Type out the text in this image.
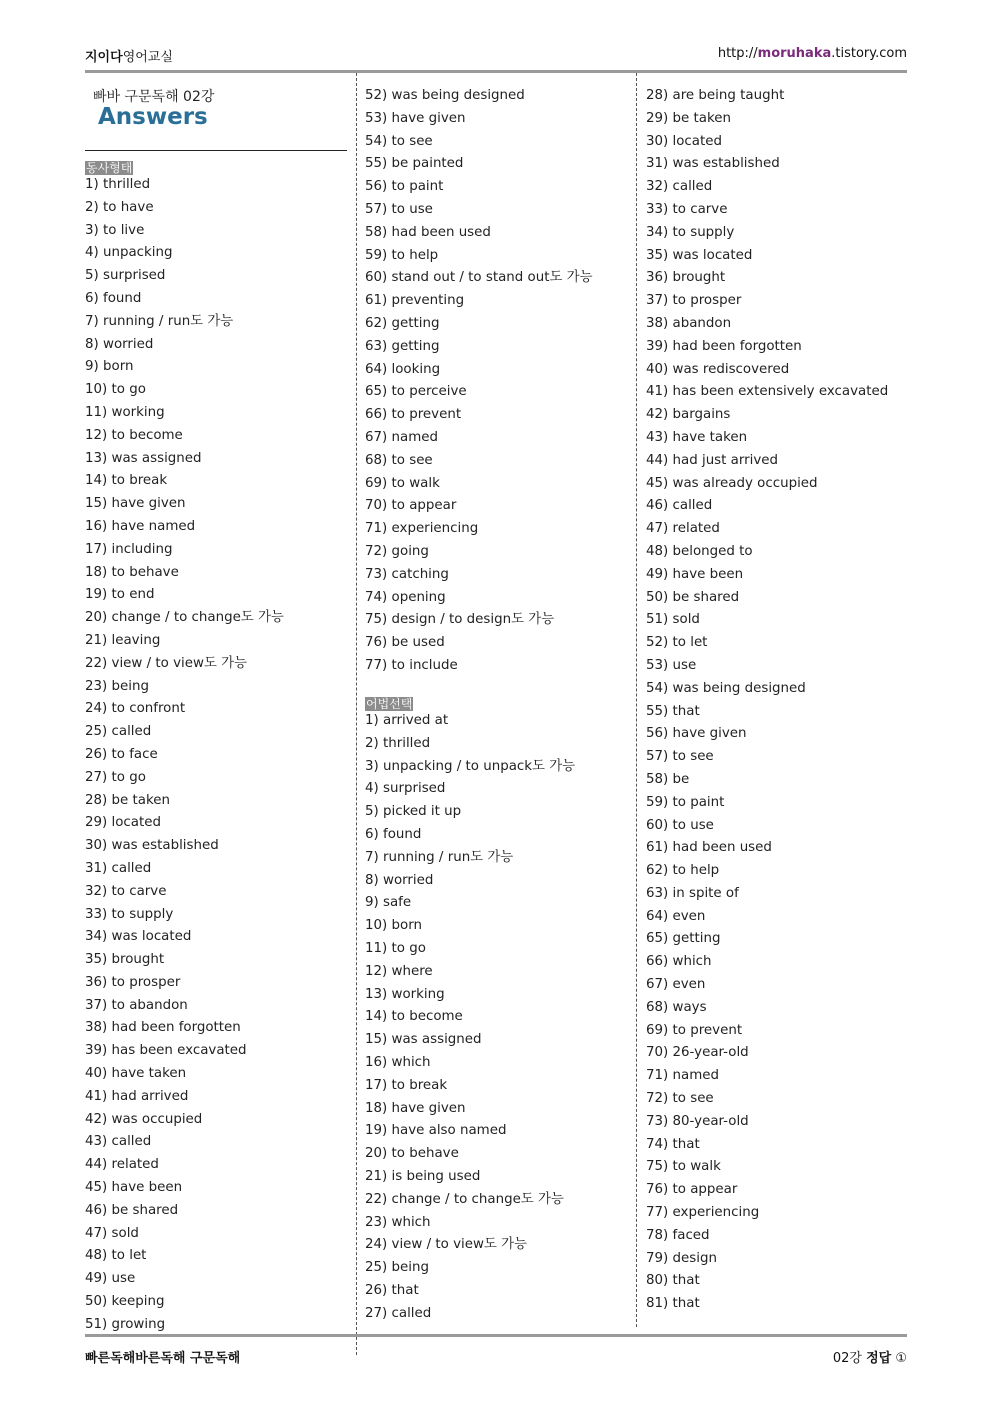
지이다영어교실	http://moruhaka.tistory.com
빠바 구문독해 02강
Answers
동사형태
1) thrilled
2) to have
3) to live
4) unpacking
5) surprised
6) found
7) running / run도 가능
8) worried
9) born
10) to go
11) working
12) to become
13) was assigned
14) to break
15) have given
16) have named
17) including
18) to behave
19) to end
20) change / to change도 가능
21) leaving
22) view / to view도 가능
23) being
24) to confront
25) called
26) to face
27) to go
28) be taken
29) located
30) was established
31) called
32) to carve
33) to supply
34) was located
35) brought
36) to prosper
37) to abandon
38) had been forgotten
39) has been excavated
40) have taken
41) had arrived
42) was occupied
43) called
44) related
45) have been
46) be shared
47) sold
48) to let
49) use
50) keeping
51) growing
52) was being designed
53) have given
54) to see
55) be painted
56) to paint
57) to use
58) had been used
59) to help
60) stand out / to stand out도 가능
61) preventing
62) getting
63) getting
64) looking
65) to perceive
66) to prevent
67) named
68) to see
69) to walk
70) to appear
71) experiencing
72) going
73) catching
74) opening
75) design / to design도 가능
76) be used
77) to include
어법선택
1) arrived at
2) thrilled
3) unpacking / to unpack도 가능
4) surprised
5) picked it up
6) found
7) running / run도 가능
8) worried
9) safe
10) born
11) to go
12) where
13) working
14) to become
15) was assigned
16) which
17) to break
18) have given
19) have also named
20) to behave
21) is being used
22) change / to change도 가능
23) which
24) view / to view도 가능
25) being
26) that
27) called
28) are being taught
29) be taken
30) located
31) was established
32) called
33) to carve
34) to supply
35) was located
36) brought
37) to prosper
38) abandon
39) had been forgotten
40) was rediscovered
41) has been extensively excavated
42) bargains
43) have taken
44) had just arrived
45) was already occupied
46) called
47) related
48) belonged to
49) have been
50) be shared
51) sold
52) to let
53) use
54) was being designed
55) that
56) have given
57) to see
58) be
59) to paint
60) to use
61) had been used
62) to help
63) in spite of
64) even
65) getting
66) which
67) even
68) ways
69) to prevent
70) 26-year-old
71) named
72) to see
73) 80-year-old
74) that
75) to walk
76) to appear
77) experiencing
78) faced
79) design
80) that
81) that
빠른독해바른독해 구문독해	02강 정답 ①
